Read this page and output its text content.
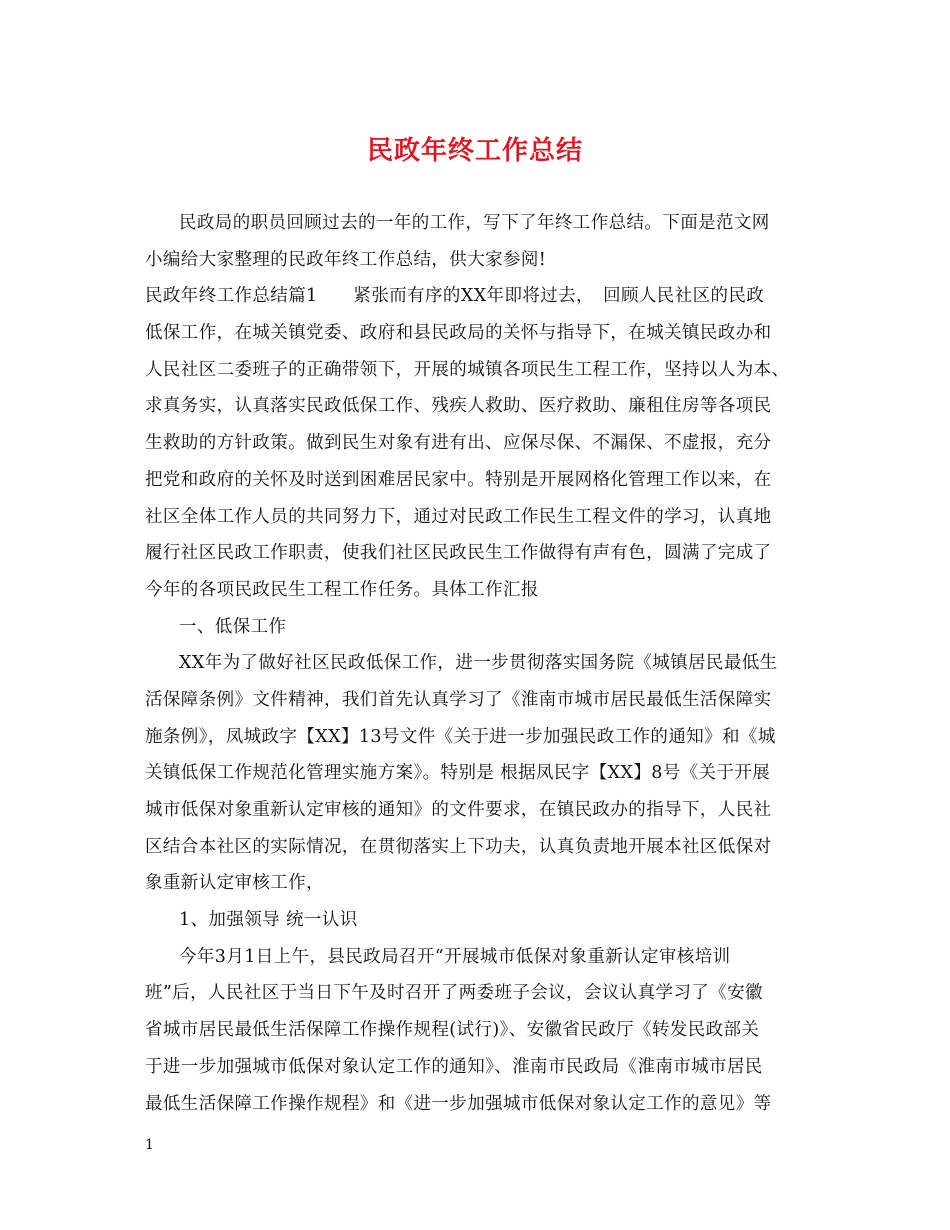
民政年终工作总结
民政局的职员回顾过去的一年的工作，写下了年终工作总结。下面是范文网
小编给大家整理的民政年终工作总结，供大家参阅!
民政年终工作总结篇1　　紧张而有序的XX年即将过去，　回顾人民社区的民政
低保工作，在城关镇党委、政府和县民政局的关怀与指导下，在城关镇民政办和
人民社区二委班子的正确带领下，开展的城镇各项民生工程工作，坚持以人为本、
求真务实，认真落实民政低保工作、残疾人救助、医疗救助、廉租住房等各项民
生救助的方针政策。做到民生对象有进有出、应保尽保、不漏保、不虚报，充分
把党和政府的关怀及时送到困难居民家中。特别是开展网格化管理工作以来，在
社区全体工作人员的共同努力下，通过对民政工作民生工程文件的学习，认真地
履行社区民政工作职责，使我们社区民政民生工作做得有声有色，圆满了完成了
今年的各项民政民生工程工作任务。具体工作汇报
一、低保工作
XX年为了做好社区民政低保工作，进一步贯彻落实国务院《城镇居民最低生
活保障条例》文件精神，我们首先认真学习了《淮南市城市居民最低生活保障实
施条例》，凤城政字【XX】13号文件《关于进一步加强民政工作的通知》和《城
关镇低保工作规范化管理实施方案》。特别是 根据凤民字【XX】8号《关于开展
城市低保对象重新认定审核的通知》的文件要求，在镇民政办的指导下，人民社
区结合本社区的实际情况，在贯彻落实上下功夫，认真负责地开展本社区低保对
象重新认定审核工作，
1、加强领导 统一认识
今年3月1日上午，县民政局召开“开展城市低保对象重新认定审核培训
班”后，人民社区于当日下午及时召开了两委班子会议，会议认真学习了《安徽
省城市居民最低生活保障工作操作规程(试行)》、安徽省民政厅《转发民政部关
于进一步加强城市低保对象认定工作的通知》、淮南市民政局《淮南市城市居民
最低生活保障工作操作规程》和《进一步加强城市低保对象认定工作的意见》等
1
